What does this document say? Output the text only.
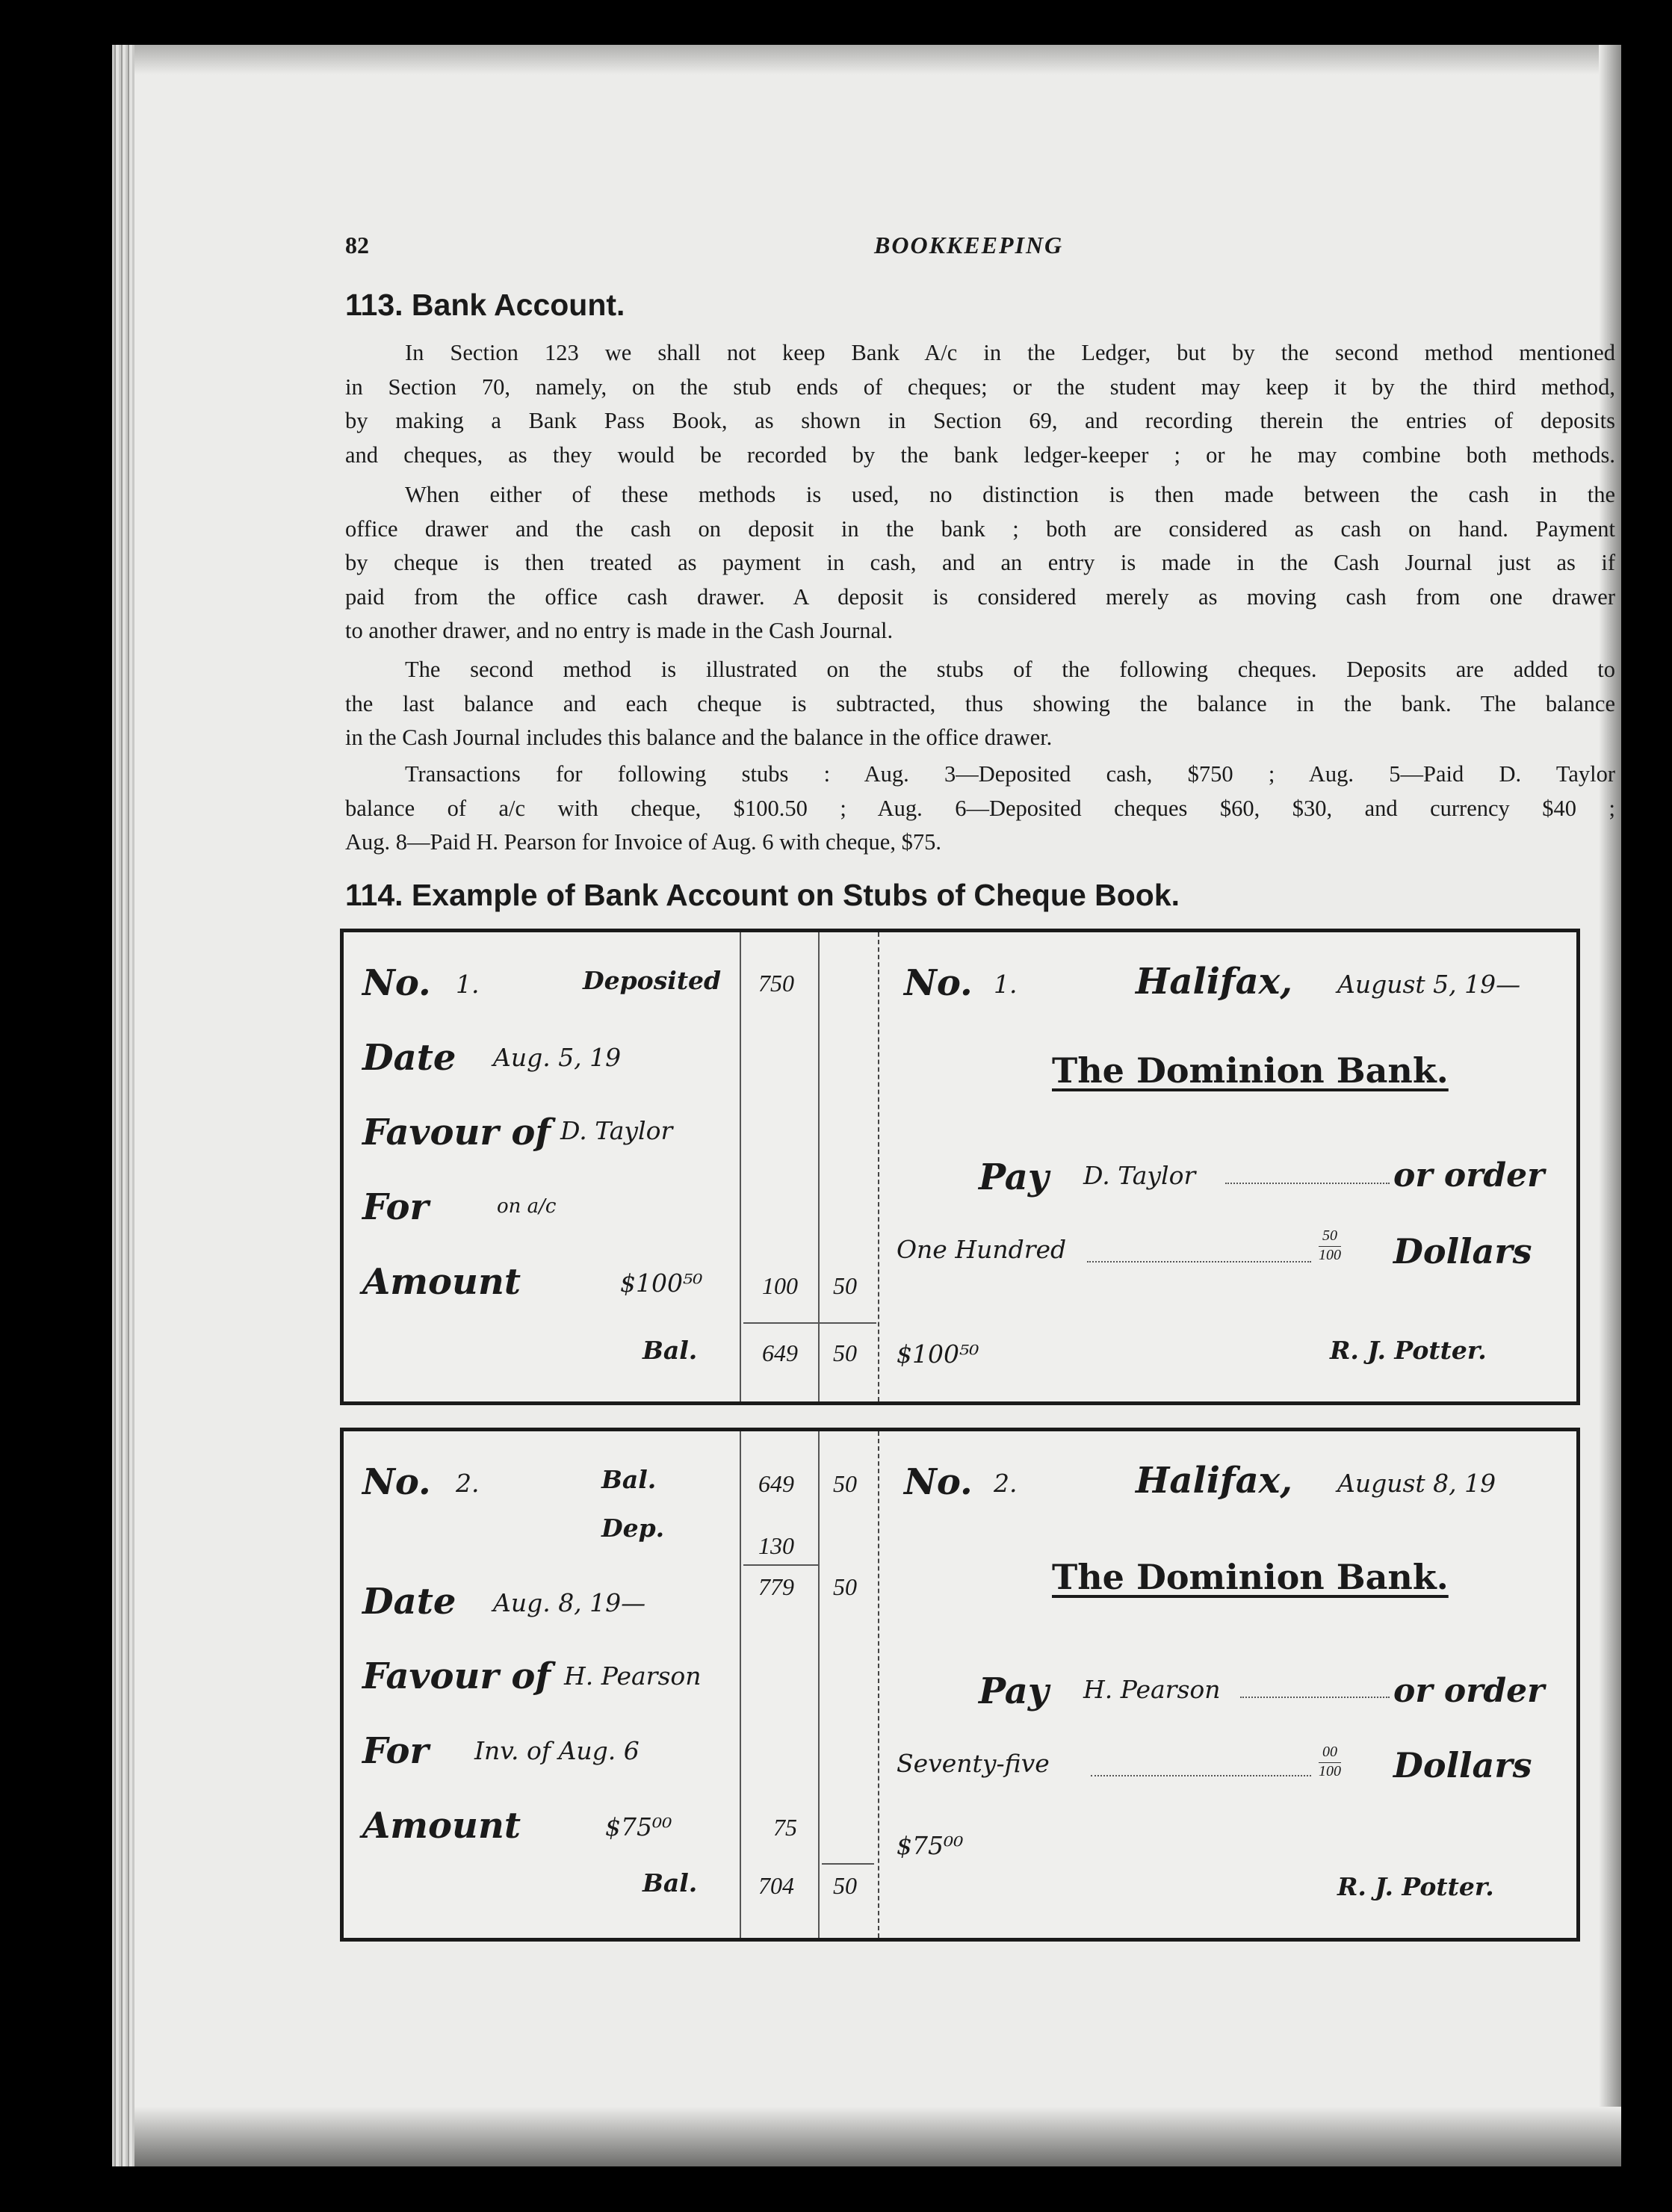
82	BOOKKEEPING
113. Bank Account.
In Section 123 we shall not keep Bank A/c in the Ledger, but by the second method mentioned
in Section 70, namely, on the stub ends of cheques; or the student may keep it by the third method,
by making a Bank Pass Book, as shown in Section 69, and recording therein the entries of deposits
and cheques, as they would be recorded by the bank ledger-keeper ; or he may combine both methods.
When either of these methods is used, no distinction is then made between the cash in the
office drawer and the cash on deposit in the bank ; both are considered as cash on hand. Payment
by cheque is then treated as payment in cash, and an entry is made in the Cash Journal just as if
paid from the office cash drawer. A deposit is considered merely as moving cash from one drawer
to another drawer, and no entry is made in the Cash Journal.
The second method is illustrated on the stubs of the following cheques. Deposits are added to
the last balance and each cheque is subtracted, thus showing the balance in the bank. The balance
in the Cash Journal includes this balance and the balance in the office drawer.
Transactions for following stubs : Aug. 3—Deposited cash, $750 ; Aug. 5—Paid D. Taylor
balance of a/c with cheque, $100.50 ; Aug. 6—Deposited cheques $60, $30, and currency $40 ;
Aug. 8—Paid H. Pearson for Invoice of Aug. 6 with cheque, $75.
114. Example of Bank Account on Stubs of Cheque Book.
No. 1.	Deposited 750
Date Aug. 5, 19
Favour of D. Taylor
For	on a/c
Amount	$100⁵⁰ 100 50
Bal.	649 50
No. 1.	Halifax, August 5, 19—
The Dominion Bank.
Pay D. Taylor	or order
One Hundred	50
100 Dollars
$100⁵⁰	R. J. Potter.
No. 2.	Bal.	649 50
Dep.
130
779 50
Date Aug. 8, 19—
Favour of H. Pearson
For Inv. of Aug. 6
Amount	$75⁰⁰	75
Bal.	704 50
No. 2.	Halifax, August 8, 19
The Dominion Bank.
Pay H. Pearson	or order
Seventy-five	00
100 Dollars
$75⁰⁰
R. J. Potter.
